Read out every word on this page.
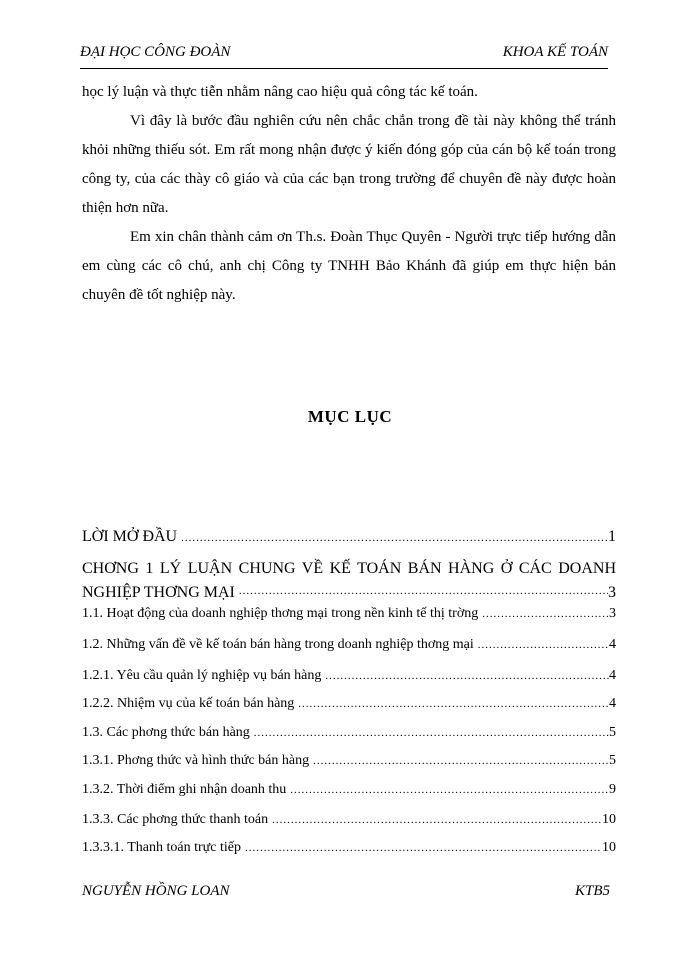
ĐẠI HỌC CÔNG ĐOÀN	KHOA KẾ TOÁN

học lý luận và thực tiễn nhằm nâng cao hiệu quả công tác kế toán.

Vì đây là bước đầu nghiên cứu nên chắc chắn trong đề tài này không thể tránh khỏi những thiếu sót. Em rất mong nhận được ý kiến đóng góp của cán bộ kế toán trong công ty, của các thày cô giáo và của các bạn trong trường để chuyên đề này được hoàn thiện hơn nữa.

Em xin chân thành cảm ơn Th.s. Đoàn Thục Quyên - Người trực tiếp hướng dẫn em cùng các cô chú, anh chị Công ty TNHH Bảo Khánh đã giúp em thực hiện bản chuyên đề tốt nghiệp này.

MỤC LỤC
LỜI MỞ ĐẦU .....	1
CHƠNG 1 LÝ LUẬN CHUNG VỀ KẾ TOÁN BÁN HÀNG Ở CÁC DOANH
NGHIỆP THƠNG MẠI .....	3
1.1. Hoạt động của doanh nghiệp thơng mại trong nền kinh tế thị trờng .....	3
1.2. Những vấn đề về kế toán bán hàng trong doanh nghiệp thơng mại .....	4
1.2.1. Yêu cầu quản lý nghiệp vụ bán hàng .....	4
1.2.2. Nhiệm vụ của kế toán bán hàng .....	4
1.3. Các phơng thức bán hàng .....	5
1.3.1. Phơng thức và hình thức bán hàng .....	5
1.3.2. Thời điểm ghi nhận doanh thu .....	9
1.3.3. Các phơng thức thanh toán .....	10
1.3.3.1. Thanh toán trực tiếp .....	10
NGUYỄN HỒNG LOAN	KTB5
